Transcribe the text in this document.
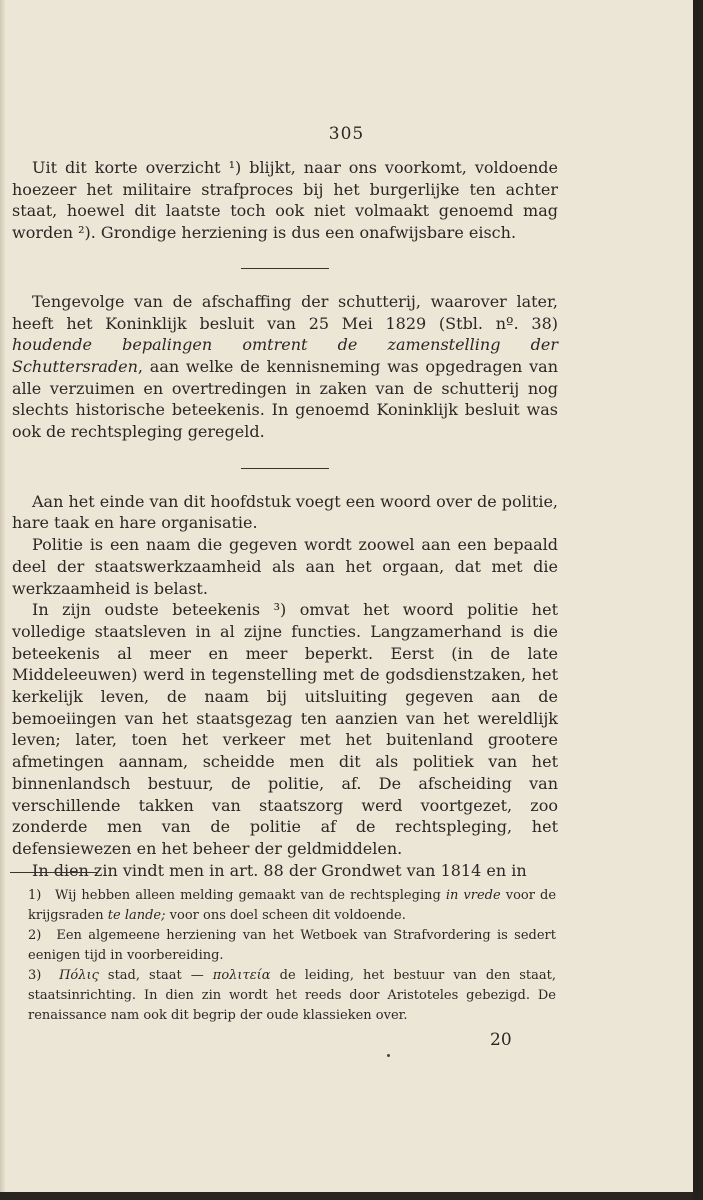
305

Uit dit korte overzicht ¹) blijkt, naar ons voorkomt, voldoende hoezeer het militaire strafproces bij het burgerlijke ten achter staat, hoewel dit laatste toch ook niet volmaakt genoemd mag worden ²). Grondige herziening is dus een onafwijsbare eisch.

Tengevolge van de afschaffing der schutterij, waarover later, heeft het Koninklijk besluit van 25 Mei 1829 (Stbl. nº. 38) houdende bepalingen omtrent de zamenstelling der Schuttersraden, aan welke de kennisneming was opgedragen van alle verzuimen en overtredingen in zaken van de schutterij nog slechts historische beteekenis. In genoemd Koninklijk besluit was ook de rechtspleging geregeld.

Aan het einde van dit hoofdstuk voegt een woord over de politie, hare taak en hare organisatie.

Politie is een naam die gegeven wordt zoowel aan een bepaald deel der staatswerkzaamheid als aan het orgaan, dat met die werkzaamheid is belast.

In zijn oudste beteekenis ³) omvat het woord politie het volledige staatsleven in al zijne functies. Langzamerhand is die beteekenis al meer en meer beperkt. Eerst (in de late Middeleeuwen) werd in tegenstelling met de godsdienstzaken, het kerkelijk leven, de naam bij uitsluiting gegeven aan de bemoeiingen van het staatsgezag ten aanzien van het wereldlijk leven; later, toen het verkeer met het buitenland grootere afmetingen aannam, scheidde men dit als politiek van het binnenlandsch bestuur, de politie, af. De afscheiding van verschillende takken van staatszorg werd voortgezet, zoo zonderde men van de politie af de rechtspleging, het defensiewezen en het beheer der geldmiddelen.

In dien zin vindt men in art. 88 der Grondwet van 1814 en in

1) Wij hebben alleen melding gemaakt van de rechtspleging in vrede voor de krijgsraden te lande; voor ons doel scheen dit voldoende.

2) Een algemeene herziening van het Wetboek van Strafvordering is sedert eenigen tijd in voorbereiding.

3) Πόλις stad, staat — πολιτεία de leiding, het bestuur van den staat, staatsinrichting. In dien zin wordt het reeds door Aristoteles gebezigd. De renaissance nam ook dit begrip der oude klassieken over.

20
